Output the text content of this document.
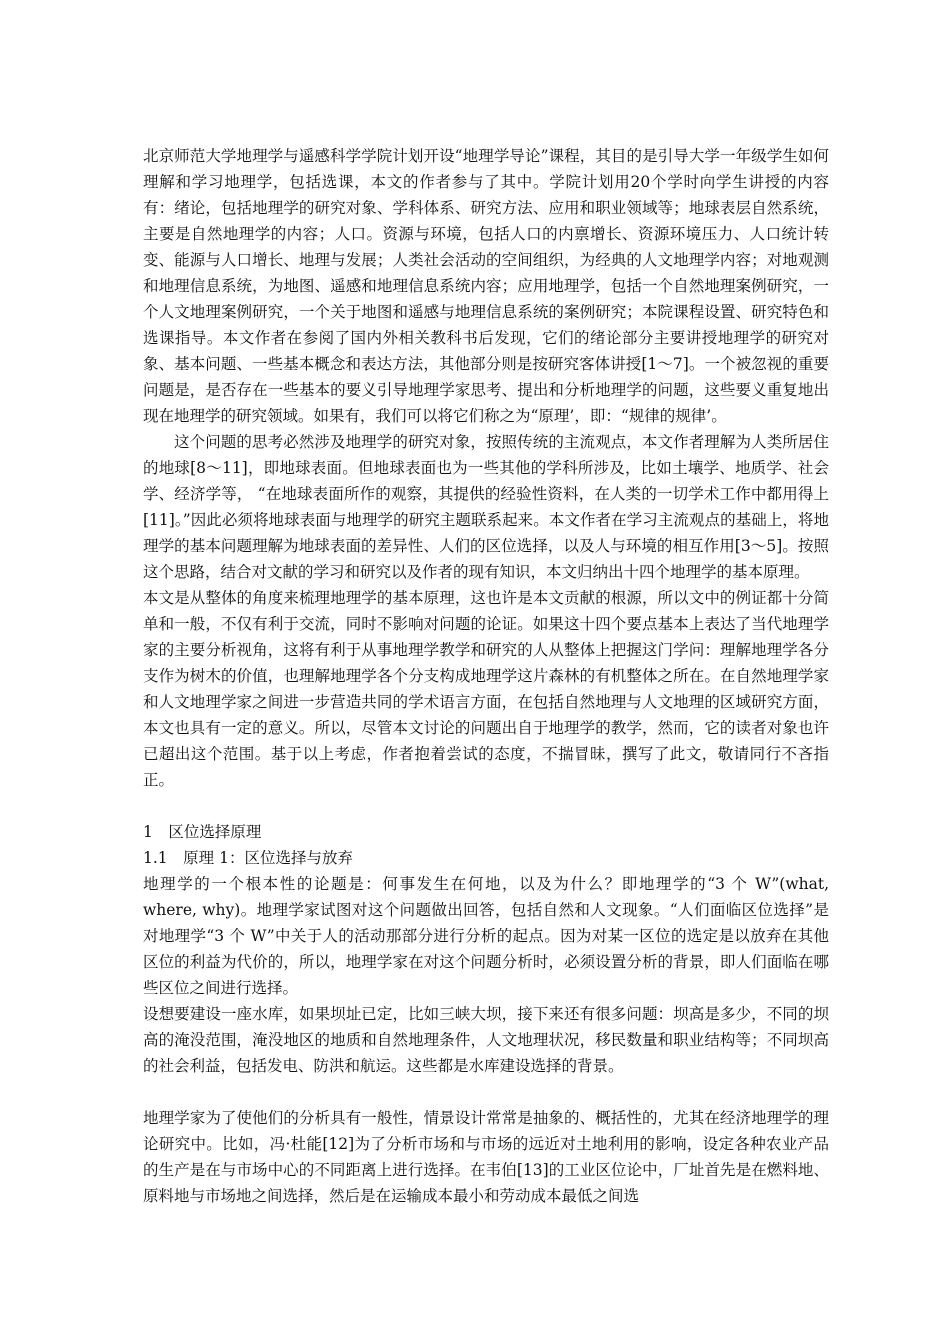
北京师范大学地理学与遥感科学学院计划开设“地理学导论”课程，其目的是引导大学一年级学生如何理解和学习地理学，包括选课，本文的作者参与了其中。学院计划用20个学时向学生讲授的内容有：绪论，包括地理学的研究对象、学科体系、研究方法、应用和职业领域等；地球表层自然系统，主要是自然地理学的内容；人口。资源与环境，包括人口的内禀增长、资源环境压力、人口统计转变、能源与人口增长、地理与发展；人类社会活动的空间组织，为经典的人文地理学内容；对地观测和地理信息系统，为地图、遥感和地理信息系统内容；应用地理学，包括一个自然地理案例研究，一个人文地理案例研究，一个关于地图和遥感与地理信息系统的案例研究；本院课程设置、研究特色和选课指导。本文作者在参阅了国内外相关教科书后发现，它们的绪论部分主要讲授地理学的研究对象、基本问题、一些基本概念和表达方法，其他部分则是按研究客体讲授[1～7]。一个被忽视的重要问题是，是否存在一些基本的要义引导地理学家思考、提出和分析地理学的问题，这些要义重复地出现在地理学的研究领域。如果有，我们可以将它们称之为“原理’，即：“规律的规律’。

这个问题的思考必然涉及地理学的研究对象，按照传统的主流观点，本文作者理解为人类所居住的地球[8～11]，即地球表面。但地球表面也为一些其他的学科所涉及，比如土壤学、地质学、社会学、经济学等， “在地球表面所作的观察，其提供的经验性资料，在人类的一切学术工作中都用得上[11]。”因此必须将地球表面与地理学的研究主题联系起来。本文作者在学习主流观点的基础上，将地理学的基本问题理解为地球表面的差异性、人们的区位选择，以及人与环境的相互作用[3～5]。按照这个思路，结合对文献的学习和研究以及作者的现有知识，本文归纳出十四个地理学的基本原理。

本文是从整体的角度来梳理地理学的基本原理，这也许是本文贡献的根源，所以文中的例证都十分简单和一般，不仅有利于交流，同时不影响对问题的论证。如果这十四个要点基本上表达了当代地理学家的主要分析视角，这将有利于从事地理学教学和研究的人从整体上把握这门学问：理解地理学各分支作为树木的价值，也理解地理学各个分支构成地理学这片森林的有机整体之所在。在自然地理学家和人文地理学家之间进一步营造共同的学术语言方面，在包括自然地理与人文地理的区域研究方面，本文也具有一定的意义。所以，尽管本文讨论的问题出自于地理学的教学，然而，它的读者对象也许已超出这个范围。基于以上考虑，作者抱着尝试的态度，不揣冒昧，撰写了此文，敬请同行不吝指正。

1　区位选择原理

1.1　原理 1：区位选择与放弃

地理学的一个根本性的论题是：何事发生在何地，以及为什么？即地理学的“3 个 W”(what, where, why)。地理学家试图对这个问题做出回答，包括自然和人文现象。“人们面临区位选择”是对地理学“3 个 W”中关于人的活动那部分进行分析的起点。因为对某一区位的选定是以放弃在其他区位的利益为代价的，所以，地理学家在对这个问题分析时，必须设置分析的背景，即人们面临在哪些区位之间进行选择。

设想要建设一座水库，如果坝址已定，比如三峡大坝，接下来还有很多问题：坝高是多少，不同的坝高的淹没范围，淹没地区的地质和自然地理条件，人文地理状况，移民数量和职业结构等；不同坝高的社会利益，包括发电、防洪和航运。这些都是水库建设选择的背景。

地理学家为了使他们的分析具有一般性，情景设计常常是抽象的、概括性的，尤其在经济地理学的理论研究中。比如，冯·杜能[12]为了分析市场和与市场的远近对土地利用的影响，设定各种农业产品的生产是在与市场中心的不同距离上进行选择。在韦伯[13]的工业区位论中，厂址首先是在燃料地、原料地与市场地之间选择，然后是在运输成本最小和劳动成本最低之间选
